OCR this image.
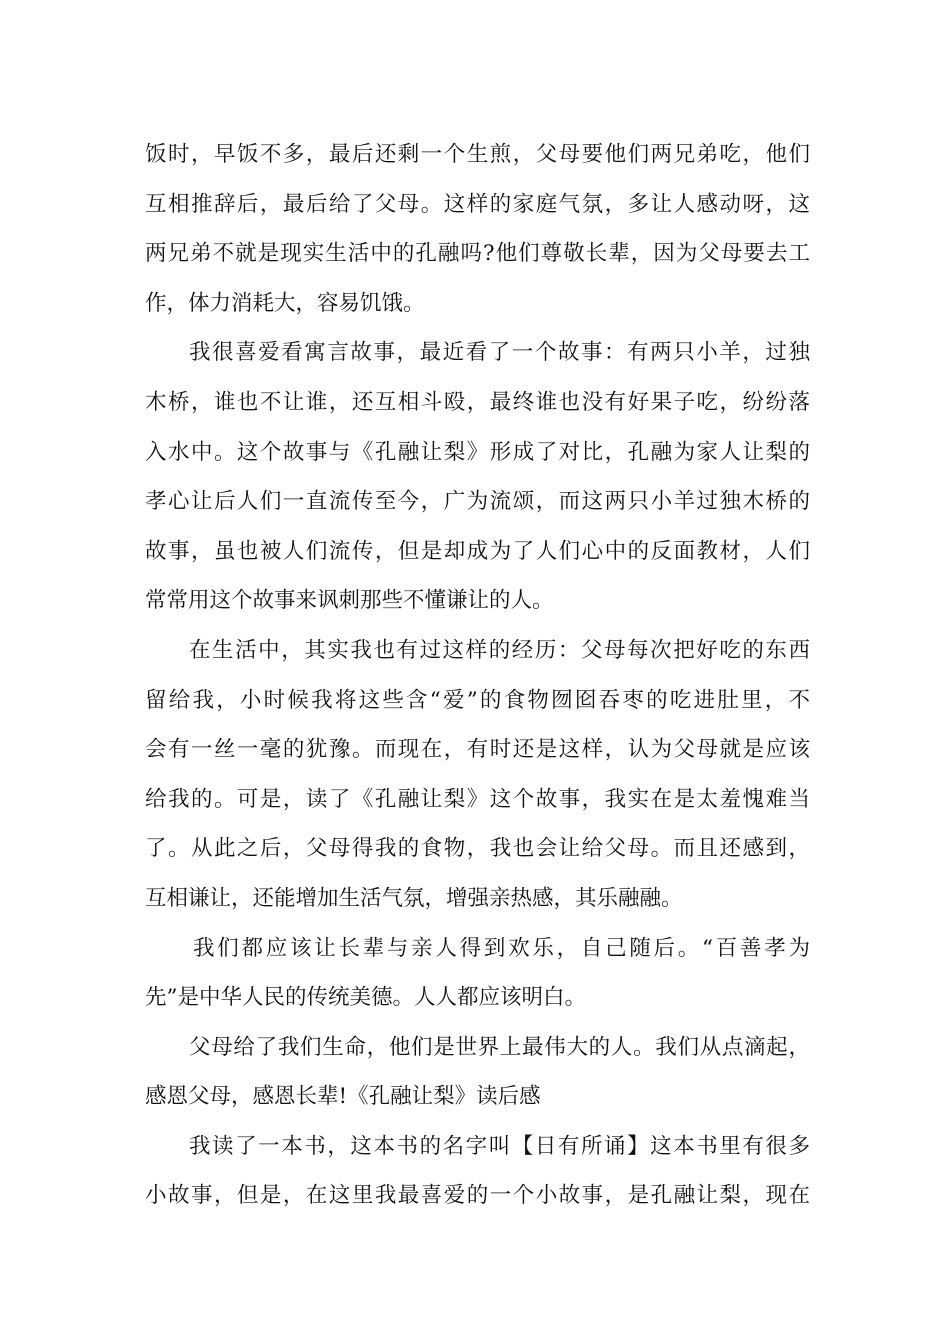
饭时，早饭不多，最后还剩一个生煎，父母要他们两兄弟吃，他们
互相推辞后，最后给了父母。这样的家庭气氛，多让人感动呀，这
两兄弟不就是现实生活中的孔融吗?他们尊敬长辈，因为父母要去工
作，体力消耗大，容易饥饿。
我很喜爱看寓言故事，最近看了一个故事：有两只小羊，过独
木桥，谁也不让谁，还互相斗殴，最终谁也没有好果子吃，纷纷落
入水中。这个故事与《孔融让梨》形成了对比，孔融为家人让梨的
孝心让后人们一直流传至今，广为流颂，而这两只小羊过独木桥的
故事，虽也被人们流传，但是却成为了人们心中的反面教材，人们
常常用这个故事来讽刺那些不懂谦让的人。
在生活中，其实我也有过这样的经历：父母每次把好吃的东西
留给我，小时候我将这些含“爱”的食物囫囵吞枣的吃进肚里，不
会有一丝一毫的犹豫。而现在，有时还是这样，认为父母就是应该
给我的。可是，读了《孔融让梨》这个故事，我实在是太羞愧难当
了。从此之后，父母得我的食物，我也会让给父母。而且还感到，
互相谦让，还能增加生活气氛，增强亲热感，其乐融融。
我们都应该让长辈与亲人得到欢乐，自己随后。“百善孝为
先”是中华人民的传统美德。人人都应该明白。
父母给了我们生命，他们是世界上最伟大的人。我们从点滴起，
感恩父母，感恩长辈!《孔融让梨》读后感
我读了一本书，这本书的名字叫【日有所诵】这本书里有很多
小故事，但是，在这里我最喜爱的一个小故事，是孔融让梨，现在
